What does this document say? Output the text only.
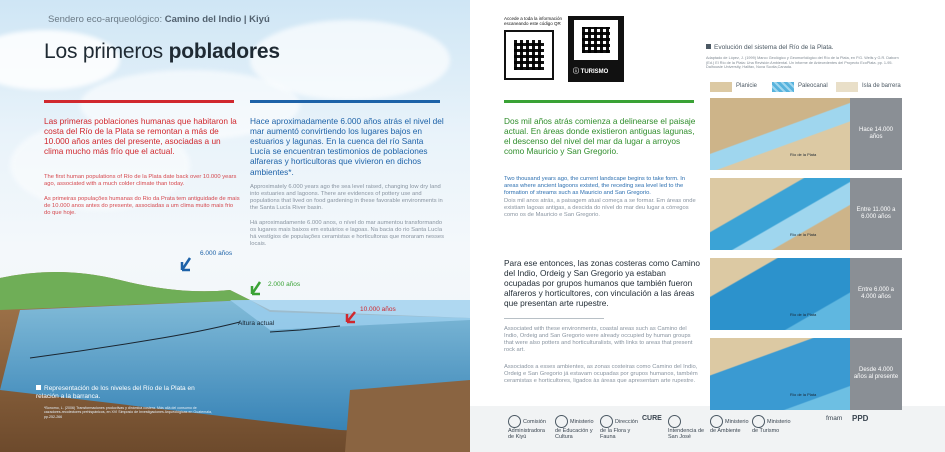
Sendero eco-arqueológico: Camino del Indio | Kiyú
Los primeros pobladores
Las primeras poblaciones humanas que habitaron la costa del Río de la Plata se remontan a más de 10.000 años antes del presente, asociadas a un clima mucho más frío que el actual.
The first human populations of Río de la Plata date back over 10.000 years ago, associated with a much colder climate than today.
As primeiras populações humanas do Rio da Prata tem antiguidade de mais de 10.000 anos antes do presente, associadas a um clima muito mais frio do que hoje.
Hace aproximadamente 6.000 años atrás el nivel del mar aumentó convirtiendo los lugares bajos en estuarios y lagunas. En la cuenca del río Santa Lucía se encuentran testimonios de poblaciones alfareras y horticultoras que vivieron en dichos ambientes*.
Approximately 6.000 years ago the sea level raised, changing low dry land into estuaries and lagoons. There are evidences of pottery use and populations that lived on food gardening in these favorable environments in the Santa Lucía River basin.
Há aproximadamente 6.000 anos, o nível do mar aumentou transformando os lugares mais baixos em estuários e lagoas. Na bacia do rio Santa Lucía há vestígios de populações ceramistas e horticultoras que moraram nesses locais.
6.000 años
2.000 años
10.000 años
Altura actual
Representación de los niveles del Río de la Plata en relación a la barranca.
*Bonomo, L. (2006) Transformaciones productivas y dinámica costera. Más allá del consumo de cazadores-recolectores prehispánicos, en XVI Simposio de Investigaciones Arqueológicas en Guatemala, pp.252-266
Accede a toda la información escaneando este código QR
ⓘ TURISMO
Dos mil años atrás comienza a delinearse el paisaje actual. En áreas donde existieron antiguas lagunas, el descenso del nivel del mar da lugar a arroyos como Mauricio y San Gregorio.
Two thousand years ago, the current landscape begins to take form. In areas where ancient lagoons existed, the receding sea level led to the formation of streams such as Mauricio and San Gregorio.
Dois mil anos atrás, a paisagem atual começa a se formar. Em áreas onde existiam lagoas antigas, a descida do nível do mar deu lugar a córregos como os de Mauricio e San Gregorio.
Para ese entonces, las zonas costeras como Camino del Indio, Ordeig y San Gregorio ya estaban ocupadas por grupos humanos que también fueron alfareros y horticultores, con vinculación a las áreas que presentan arte rupestre.
Associated with these environments, coastal areas such as Camino del Indio, Ordeig and San Gregorio were already occupied by human groups that were also potters and horticulturalists, with links to areas that present rock art.
Associados a esses ambientes, as zonas costeiras como Camino del Indio, Ordeig e San Gregorio já estavam ocupadas por grupos humanos, também ceramistas e horticultores, ligados às áreas que apresentam arte rupestre.
Evolución del sistema del Río de la Plata.
Adaptado de López, J. (1999) Marco Geológico y Geomorfológico del Río de la Plata, en P.G. Wells y G.R. Daborn (Ed.) El Río de la Plata: Una Revisión Ambiental. Un informe de Antecedentes del Proyecto EcoPlata. pp. 1-95. Dalhousie University, Halifax, Nova Scotia,Canada.
Planicie	Paleocanal	Isla de barrera
Río de la Plata
Hace 14.000 años
Río de la Plata
Entre 11.000 a 6.000 años
Río de la Plata
Entre 6.000 a 4.000 años
Río de la Plata
Desde 4.000 años al presente
Comisión Administradora de Kiyú
Ministerio de Educación y Cultura
Dirección de la Flora y Fauna
CURE
Intendencia de San José
Ministerio de Ambiente
Ministerio de Turismo
fmam	PPD
